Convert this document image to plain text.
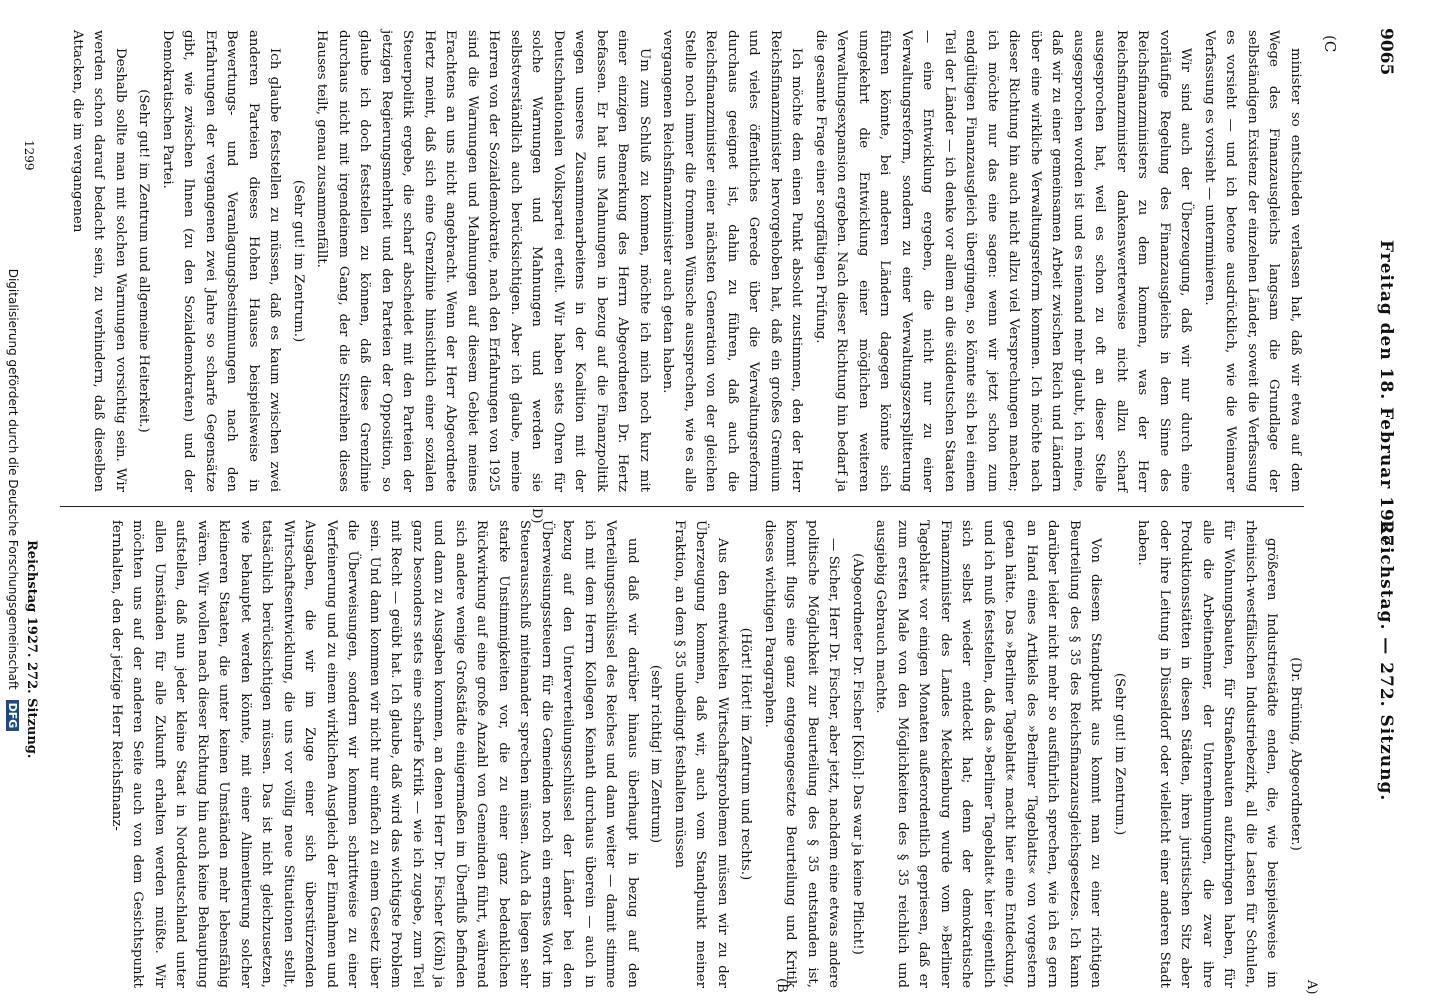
9065
(C
Freitag den 18. Februar 1927.
Reichstag. — 272. Sitzung.

minister so entschieden verlassen hat, daß wir etwa auf dem Wege des Finanzausgleichs langsam die Grundlage der selbständigen Existenz der einzelnen Länder, soweit die Verfassung es vorsieht — und ich betone ausdrücklich, wie die Weimarer Verfassung es vorsieht — unterminieren.

Wir sind auch der Überzeugung, daß wir nur durch eine vorläufige Regelung des Finanzausgleichs in dem Sinne des Reichsfinanzministers zu dem kommen, was der Herr Reichsfinanzminister dankenswerterweise nicht allzu scharf ausgesprochen hat, weil es schon zu oft an dieser Stelle ausgesprochen worden ist und es niemand mehr glaubt, ich meine, daß wir zu einer gemeinsamen Arbeit zwischen Reich und Ländern über eine wirkliche Verwaltungsreform kommen. Ich möchte nach dieser Richtung hin auch nicht allzu viel Versprechungen machen; ich möchte nur das eine sagen: wenn wir jetzt schon zum endgültigen Finanzausgleich übergingen, so könnte sich bei einem Teil der Länder — ich denke vor allem an die süddeutschen Staaten — eine Entwicklung ergeben, die nicht nur zu einer Verwaltungsreform, sondern zu einer Verwaltungszersplitterung führen könnte, bei anderen Ländern dagegen könnte sich umgekehrt die Entwicklung einer möglichen weiteren Verwaltungsexpansion ergeben. Nach dieser Richtung hin bedarf ja die gesamte Frage einer sorgfältigen Prüfung.

Ich möchte dem einen Punkt absolut zustimmen, den der Herr Reichsfinanzminister hervorgehoben hat, daß ein großes Gremium und vieles öffentliches Gerede über die Verwaltungsreform durchaus geeignet ist, dahin zu führen, daß auch die Reichsfinanzminister einer nächsten Generation von der gleichen Stelle noch immer die frommen Wünsche aussprechen, wie es alle vergangenen Reichsfinanzminister auch getan haben.

Um zum Schluß zu kommen, möchte ich mich noch kurz mit einer einzigen Bemerkung des Herrn Abgeordneten Dr. Hertz befassen. Er hat uns Mahnungen in bezug auf die Finanzpolitik wegen unseres Zusammenarbeitens in der Koalition mit der Deutschnationalen Volkspartei erteilt. Wir haben stets Ohren für solche Warnungen und Mahnungen und werden sie selbstverständlich auch berücksichtigen. Aber ich glaube, meine Herren von der Sozialdemokratie, nach den Erfahrungen von 1925 sind die Warnungen und Mahnungen auf diesem Gebiet meines Erachtens an uns nicht angebracht. Wenn der Herr Abgeordnete Hertz meint, daß sich eine Grenzlinie hinsichtlich einer sozialen Steuerpolitik ergebe, die scharf abscheidet mit den Parteien der jetzigen Regierungsmehrheit und den Parteien der Opposition, so glaube ich doch feststellen zu können, daß diese Grenzlinie durchaus nicht mit irgendeinem Gang, der die Sitzreihen dieses Hauses teilt, genau zusammenfällt.

(Sehr gut! im Zentrum.)

Ich glaube feststellen zu müssen, daß es kaum zwischen zwei anderen Parteien dieses Hohen Hauses beispielsweise in Bewertungs- und Veranlagungsbestimmungen nach den Erfahrungen der vergangenen zwei Jahre so scharfe Gegensätze gibt, wie zwischen Ihnen (zu den Sozialdemokraten) und der Demokratischen Partei.

(Sehr gut! im Zentrum und allgemeine Heiterkeit.)

Deshalb sollte man mit solchen Warnungen vorsichtig sein. Wir werden schon darauf bedacht sein, zu verhindern, daß dieselben Attacken, die im vergangenen

(Dr. Brüning, Abgeordneter.)

größeren Industriestädte enden, die, wie beispielsweise im rheinisch-westfälischen Industriebezirk, all die Lasten für Schulen, für Wohnungsbauten, für Straßenbauten aufzubringen haben, für alle die Arbeitnehmer, der Unternehmungen, die zwar ihre Produktionsstätten in diesen Städten, ihren juristischen Sitz aber oder ihre Leitung in Düsseldorf oder vielleicht einer anderen Stadt haben.

(Sehr gut! im Zentrum.)

Von diesem Standpunkt aus kommt man zu einer richtigen Beurteilung des § 35 des Reichsfinanzausgleichsgesetzes. Ich kann darüber leider nicht mehr so ausführlich sprechen, wie ich es gern an Hand eines Artikels des »Berliner Tageblatts« von vorgestern getan hätte. Das »Berliner Tageblatt« macht hier eine Entdeckung, und ich muß feststellen, daß das »Berliner Tageblatt« hier eigentlich sich selbst wieder entdeckt hat; denn der demokratische Finanzminister des Landes Mecklenburg wurde vom »Berliner Tageblatt« vor einigen Monaten außerordentlich gepriesen, daß er zum ersten Male von den Möglichkeiten des § 35 reichlich und ausgiebig Gebrauch machte.

(Abgeordneter Dr. Fischer [Köln]: Das war ja keine Pflicht!)

— Sicher, Herr Dr. Fischer, aber jetzt, nachdem eine etwas andere politische Möglichkeit zur Beurteilung des § 35 entstanden ist, kommt flugs eine ganz entgegengesetzte Beurteilung und Kritik dieses wichtigen Paragraphen.

(Hört! Hört! im Zentrum und rechts.)

Aus den entwickelten Wirtschaftsproblemen müssen wir zu der Überzeugung kommen, daß wir, auch vom Standpunkt meiner Fraktion, an dem § 35 unbedingt festhalten müssen

(sehr richtig! im Zentrum)

und daß wir darüber hinaus überhaupt in bezug auf den Verteilungsschlüssel des Reiches und dann weiter — damit stimme ich mit dem Herrn Kollegen Keinath durchaus überein — auch in bezug auf den Unterverteilungsschlüssel der Länder bei den Überweisungssteuern für die Gemeinden noch ein ernstes Wort im Steuerausschuß miteinander sprechen müssen. Auch da liegen sehr starke Unstimmigkeiten vor, die zu einer ganz bedenklichen Rückwirkung auf eine große Anzahl von Gemeinden führt, während sich andere wenige Großstädte einigermaßen im Überfluß befinden und dann zu Ausgaben kommen, an denen Herr Dr. Fischer (Köln) ja ganz besonders stets eine scharfe Kritik — wie ich zugebe, zum Teil mit Recht — geübt hat. Ich glaube, daß wird das wichtigste Problem sein. Und dann kommen wir nicht nur einfach zu einem Gesetz über die Überweisungen, sondern wir kommen schrittweise zu einer Verfeinerung und zu einem wirklichen Ausgleich der Einnahmen und Ausgaben, die wir im Zuge einer sich überstürzenden Wirtschaftsentwicklung, die uns vor völlig neue Situationen stellt, tatsächlich berücksichtigen müssen. Das ist nicht gleichzusetzen, wie behauptet werden könnte, mit einer Alimentierung solcher kleineren Staaten, die unter keinen Umständen mehr lebensfähig wären. Wir wollen nach dieser Richtung hin auch keine Behauptung aufstellen, daß nun jeder kleine Staat in Norddeutschland unter allen Umständen für alle Zukunft erhalten werden müßte. Wir möchten uns auf der anderen Seite auch von dem Gesichtspunkt fernhalten, den der jetzige Herr Reichsfinanz-

D)
A)
(B
Reichstag 1927. 272. Sitzung.
1299
Digitalisierung gefördert durch die Deutsche Forschungsgemeinschaft DFG
